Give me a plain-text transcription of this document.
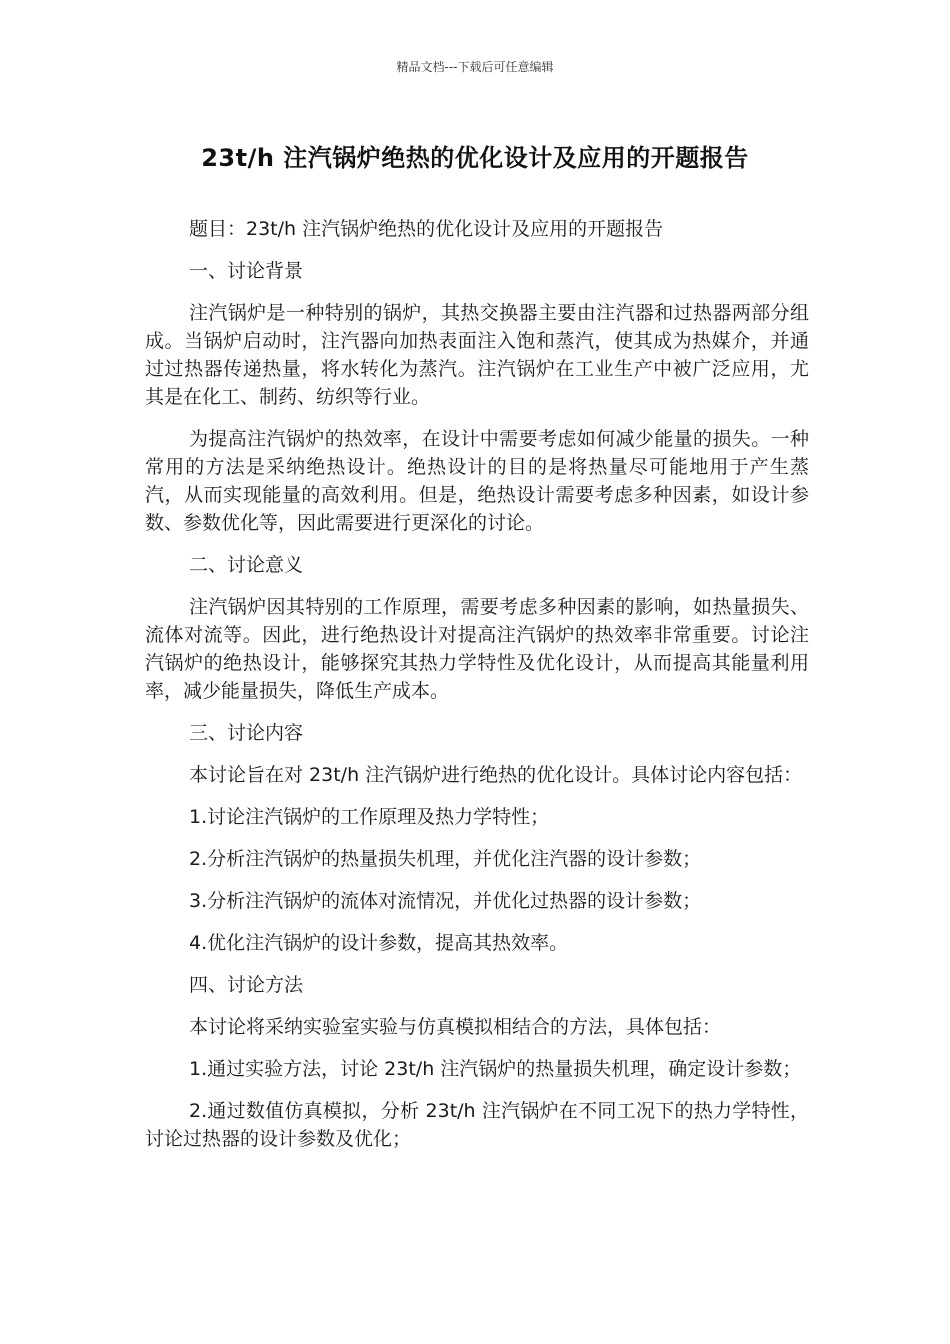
精品文档---下载后可任意编辑
23t/h 注汽锅炉绝热的优化设计及应用的开题报告

题目：23t/h 注汽锅炉绝热的优化设计及应用的开题报告

一、讨论背景

注汽锅炉是一种特别的锅炉，其热交换器主要由注汽器和过热器两部分组成。当锅炉启动时，注汽器向加热表面注入饱和蒸汽，使其成为热媒介，并通过过热器传递热量，将水转化为蒸汽。注汽锅炉在工业生产中被广泛应用，尤其是在化工、制药、纺织等行业。

为提高注汽锅炉的热效率，在设计中需要考虑如何减少能量的损失。一种常用的方法是采纳绝热设计。绝热设计的目的是将热量尽可能地用于产生蒸汽，从而实现能量的高效利用。但是，绝热设计需要考虑多种因素，如设计参数、参数优化等，因此需要进行更深化的讨论。

二、讨论意义

注汽锅炉因其特别的工作原理，需要考虑多种因素的影响，如热量损失、流体对流等。因此，进行绝热设计对提高注汽锅炉的热效率非常重要。讨论注汽锅炉的绝热设计，能够探究其热力学特性及优化设计，从而提高其能量利用率，减少能量损失，降低生产成本。

三、讨论内容

本讨论旨在对 23t/h 注汽锅炉进行绝热的优化设计。具体讨论内容包括：

1.讨论注汽锅炉的工作原理及热力学特性；

2.分析注汽锅炉的热量损失机理，并优化注汽器的设计参数；

3.分析注汽锅炉的流体对流情况，并优化过热器的设计参数；

4.优化注汽锅炉的设计参数，提高其热效率。

四、讨论方法

本讨论将采纳实验室实验与仿真模拟相结合的方法，具体包括：

1.通过实验方法，讨论 23t/h 注汽锅炉的热量损失机理，确定设计参数；

2.通过数值仿真模拟，分析 23t/h 注汽锅炉在不同工况下的热力学特性，讨论过热器的设计参数及优化；
